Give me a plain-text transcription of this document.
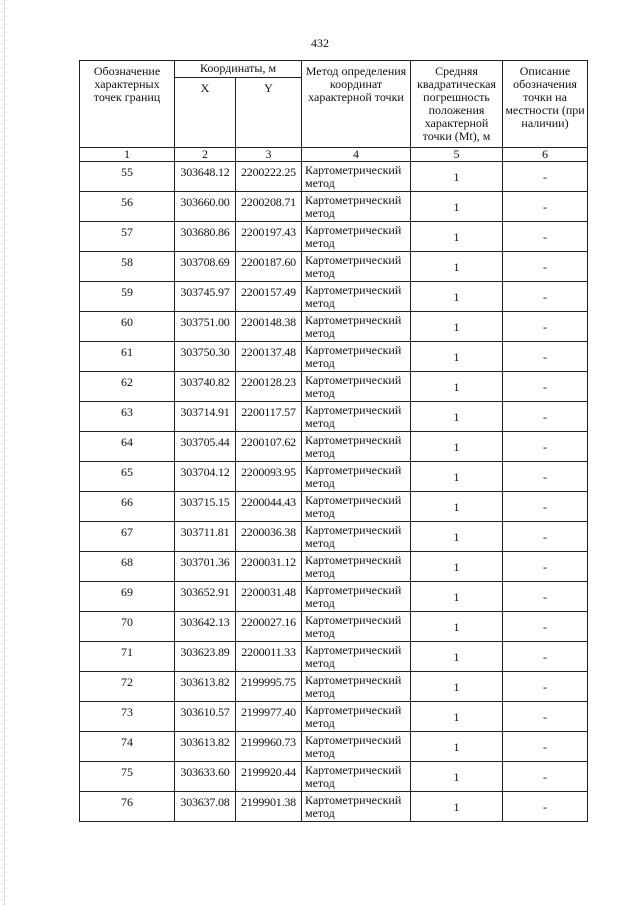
432
Обозначение характерных точек границ	Координаты, м		Метод определения координат характерной точки	Средняя квадратическая погрешность положения характерной точки (Mt), м	Описание обозначения точки на местности (при наличии)
	X	Y			
1	2	3	4	5	6
55	303648.12	2200222.25	Картометрический метод	1	-
56	303660.00	2200208.71	Картометрический метод	1	-
57	303680.86	2200197.43	Картометрический метод	1	-
58	303708.69	2200187.60	Картометрический метод	1	-
59	303745.97	2200157.49	Картометрический метод	1	-
60	303751.00	2200148.38	Картометрический метод	1	-
61	303750.30	2200137.48	Картометрический метод	1	-
62	303740.82	2200128.23	Картометрический метод	1	-
63	303714.91	2200117.57	Картометрический метод	1	-
64	303705.44	2200107.62	Картометрический метод	1	-
65	303704.12	2200093.95	Картометрический метод	1	-
66	303715.15	2200044.43	Картометрический метод	1	-
67	303711.81	2200036.38	Картометрический метод	1	-
68	303701.36	2200031.12	Картометрический метод	1	-
69	303652.91	2200031.48	Картометрический метод	1	-
70	303642.13	2200027.16	Картометрический метод	1	-
71	303623.89	2200011.33	Картометрический метод	1	-
72	303613.82	2199995.75	Картометрический метод	1	-
73	303610.57	2199977.40	Картометрический метод	1	-
74	303613.82	2199960.73	Картометрический метод	1	-
75	303633.60	2199920.44	Картометрический метод	1	-
76	303637.08	2199901.38	Картометрический метод	1	-
